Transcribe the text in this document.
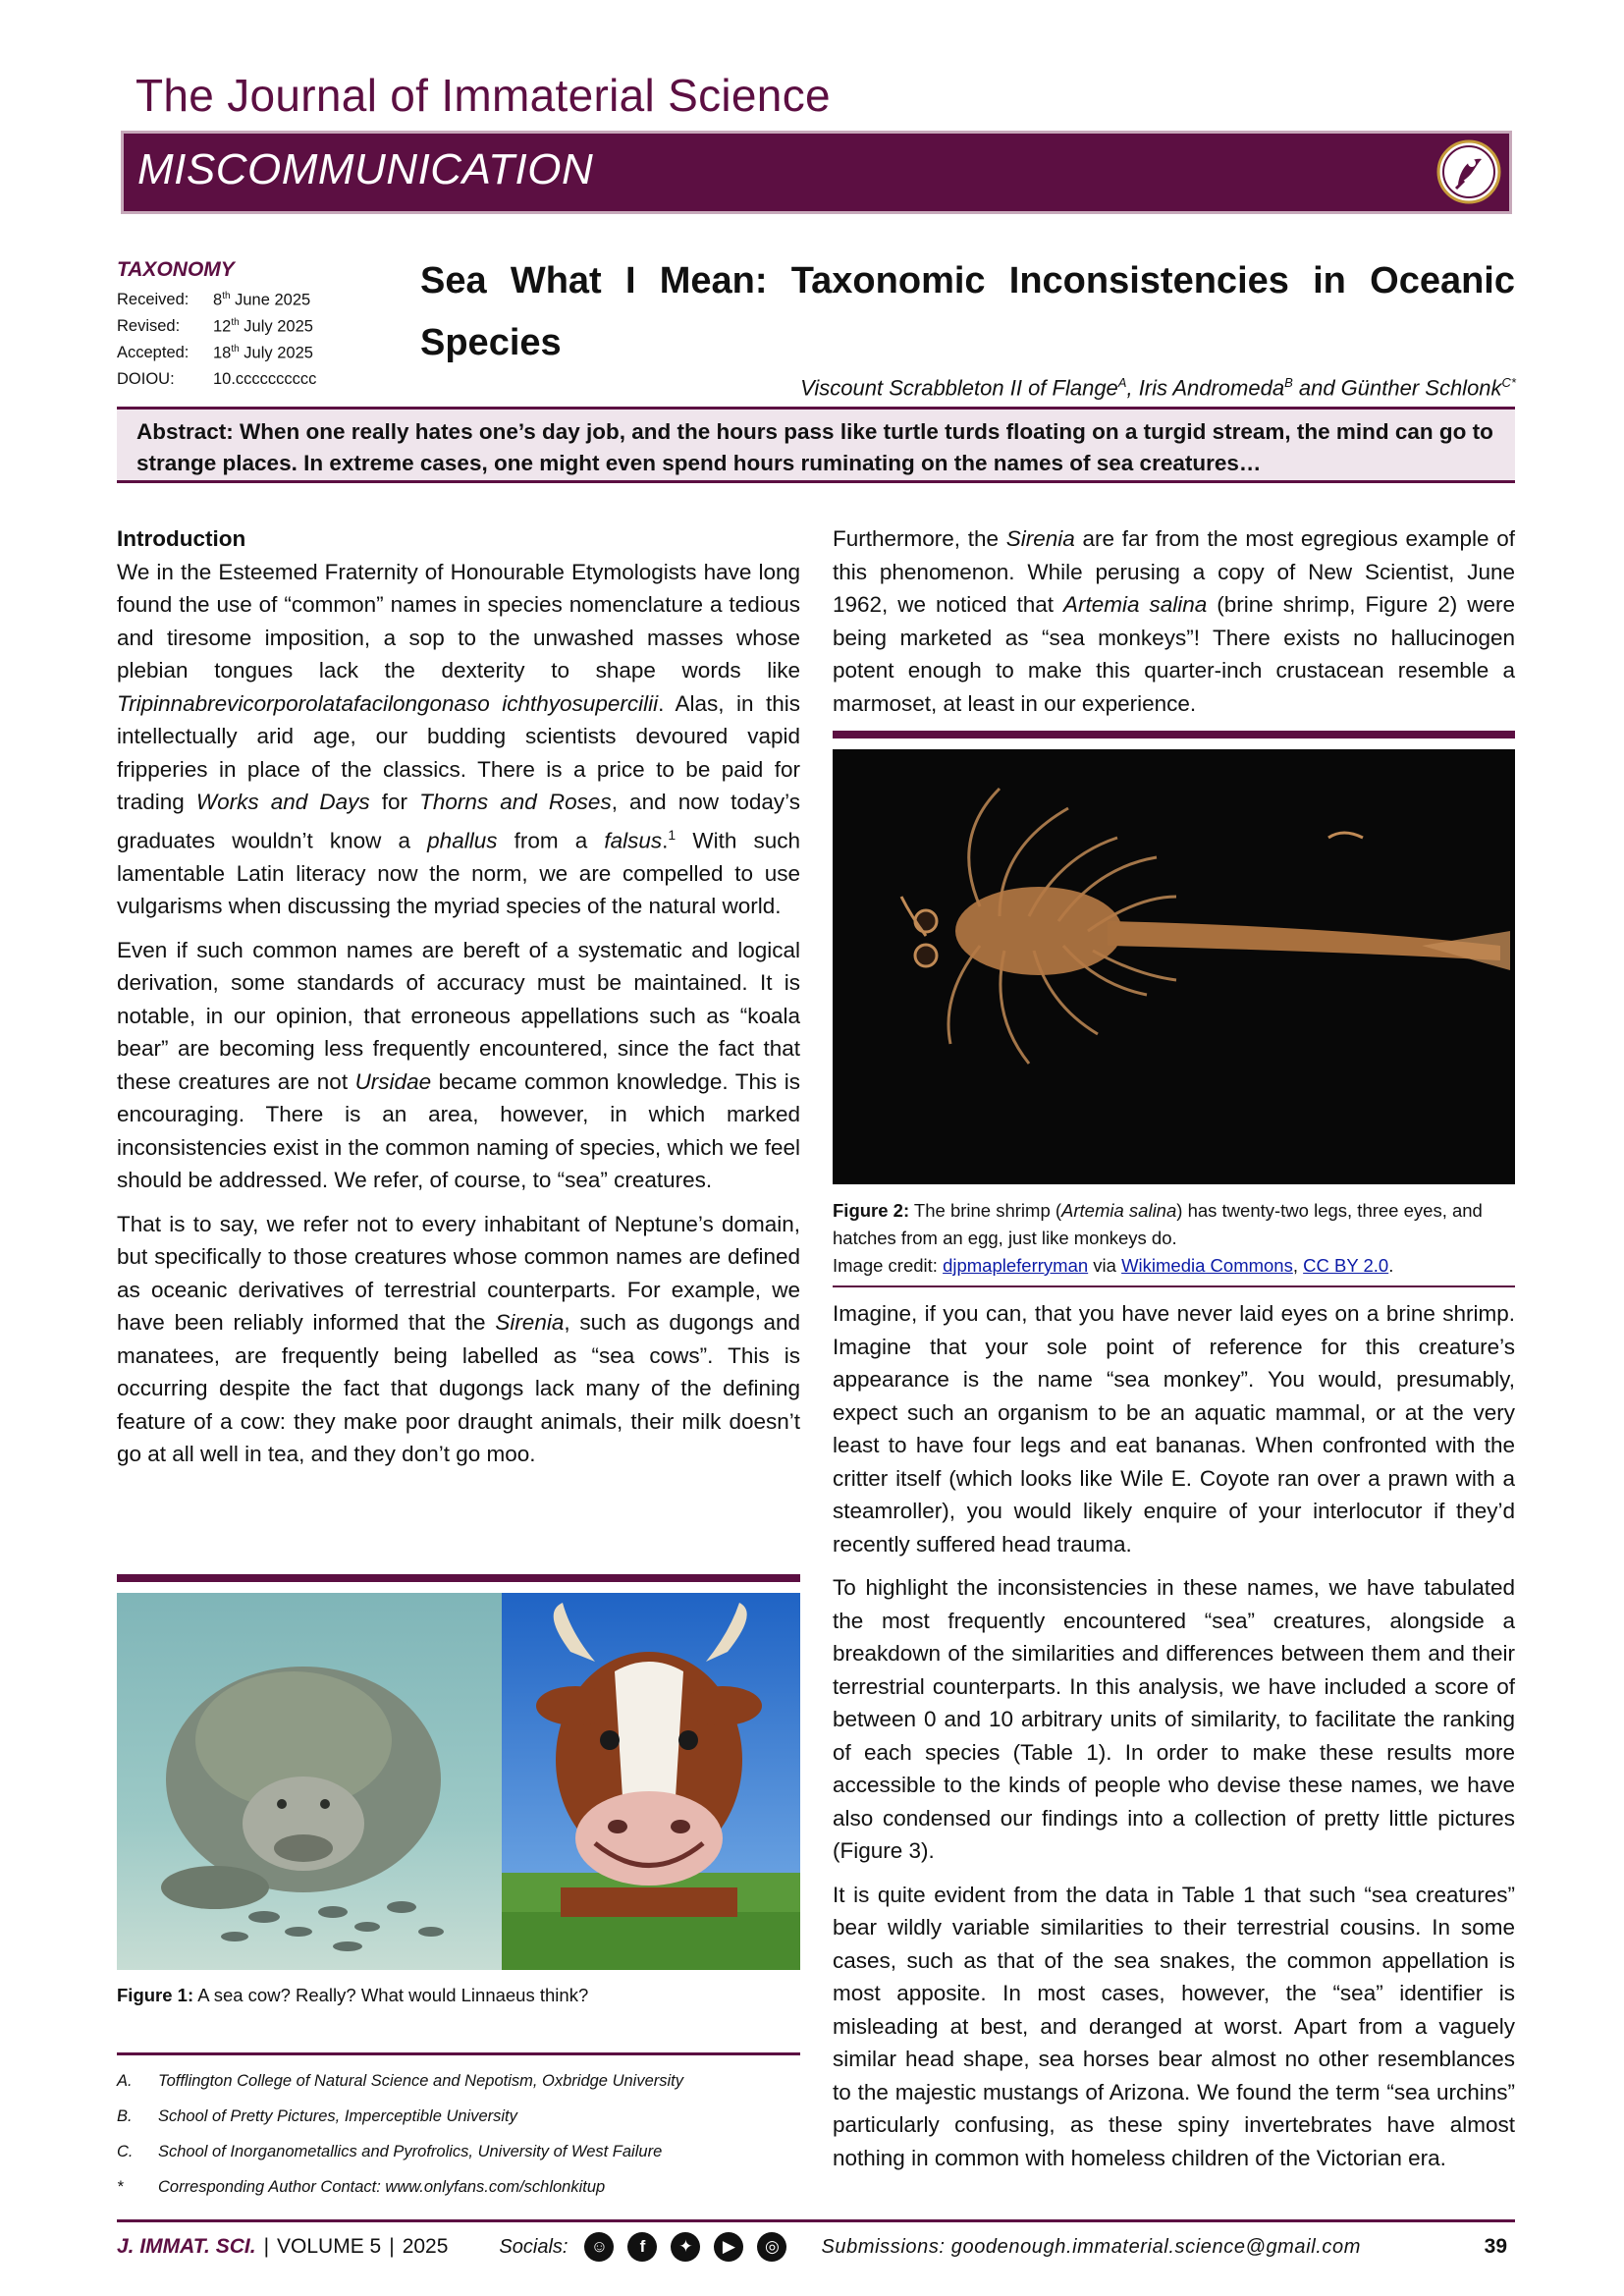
The Journal of Immaterial Science
MISCOMMUNICATION
TAXONOMY
Received:	8th June 2025
Revised:	12th July 2025
Accepted:	18th July 2025
DOIOU:	10.cccccccccc
Sea What I Mean: Taxonomic Inconsistencies in Oceanic Species
Viscount Scrabbleton II of Flange$^A$, Iris Andromeda$^B$ and Günther Schlonk$^{C*}$
Abstract: When one really hates one’s day job, and the hours pass like turtle turds floating on a turgid stream, the mind can go to strange places. In extreme cases, one might even spend hours ruminating on the names of sea creatures…

Introduction

We in the Esteemed Fraternity of Honourable Etymologists have long found the use of “common” names in species nomenclature a tedious and tiresome imposition, a sop to the unwashed masses whose plebian tongues lack the dexterity to shape words like Tripinnabrevicorporolatafacilongonaso ichthyosupercilii. Alas, in this intellectually arid age, our budding scientists devoured vapid fripperies in place of the classics. There is a price to be paid for trading Works and Days for Thorns and Roses, and now today’s graduates wouldn’t know a phallus from a falsus.$^1$ With such lamentable Latin literacy now the norm, we are compelled to use vulgarisms when discussing the myriad species of the natural world.

Even if such common names are bereft of a systematic and logical derivation, some standards of accuracy must be maintained. It is notable, in our opinion, that erroneous appellations such as “koala bear” are becoming less frequently encountered, since the fact that these creatures are not Ursidae became common knowledge. This is encouraging. There is an area, however, in which marked inconsistencies exist in the common naming of species, which we feel should be addressed. We refer, of course, to “sea” creatures.

That is to say, we refer not to every inhabitant of Neptune’s domain, but specifically to those creatures whose common names are defined as oceanic derivatives of terrestrial counterparts. For example, we have been reliably informed that the Sirenia, such as dugongs and manatees, are frequently being labelled as “sea cows”. This is occurring despite the fact that dugongs lack many of the defining feature of a cow: they make poor draught animals, their milk doesn’t go at all well in tea, and they don’t go moo.

Figure 1: A sea cow? Really? What would Linnaeus think?
A.	Tofflington College of Natural Science and Nepotism, Oxbridge University
B.	School of Pretty Pictures, Imperceptible University
C.	School of Inorganometallics and Pyrofrolics, University of West Failure
*	Corresponding Author Contact: www.onlyfans.com/schlonkitup

Furthermore, the Sirenia are far from the most egregious example of this phenomenon. While perusing a copy of New Scientist, June 1962, we noticed that Artemia salina (brine shrimp, Figure 2) were being marketed as “sea monkeys”! There exists no hallucinogen potent enough to make this quarter-inch crustacean resemble a marmoset, at least in our experience.

Figure 2: The brine shrimp (Artemia salina) has twenty-two legs, three eyes, and hatches from an egg, just like monkeys do.
Image credit: djpmapleferryman via Wikimedia Commons, CC BY 2.0.

Imagine, if you can, that you have never laid eyes on a brine shrimp. Imagine that your sole point of reference for this creature’s appearance is the name “sea monkey”. You would, presumably, expect such an organism to be an aquatic mammal, or at the very least to have four legs and eat bananas. When confronted with the critter itself (which looks like Wile E. Coyote ran over a prawn with a steamroller), you would likely enquire of your interlocutor if they’d recently suffered head trauma.

To highlight the inconsistencies in these names, we have tabulated the most frequently encountered “sea” creatures, alongside a breakdown of the similarities and differences between them and their terrestrial counterparts. In this analysis, we have included a score of between 0 and 10 arbitrary units of similarity, to facilitate the ranking of each species (Table 1). In order to make these results more accessible to the kinds of people who devise these names, we have also condensed our findings into a collection of pretty little pictures (Figure 3).

It is quite evident from the data in Table 1 that such “sea creatures” bear wildly variable similarities to their terrestrial cousins. In some cases, such as that of the sea snakes, the common appellation is most apposite. In most cases, however, the “sea” identifier is misleading at best, and deranged at worst. Apart from a vaguely similar head shape, sea horses bear almost no other resemblances to the majestic mustangs of Arizona. We found the term “sea urchins” particularly confusing, as these spiny invertebrates have almost nothing in common with homeless children of the Victorian era.

J. IMMAT. SCI. | VOLUME 5 | 2025	Socials:	☺	f	✦	▶	◎	Submissions: goodenough.immaterial.science@gmail.com	39
